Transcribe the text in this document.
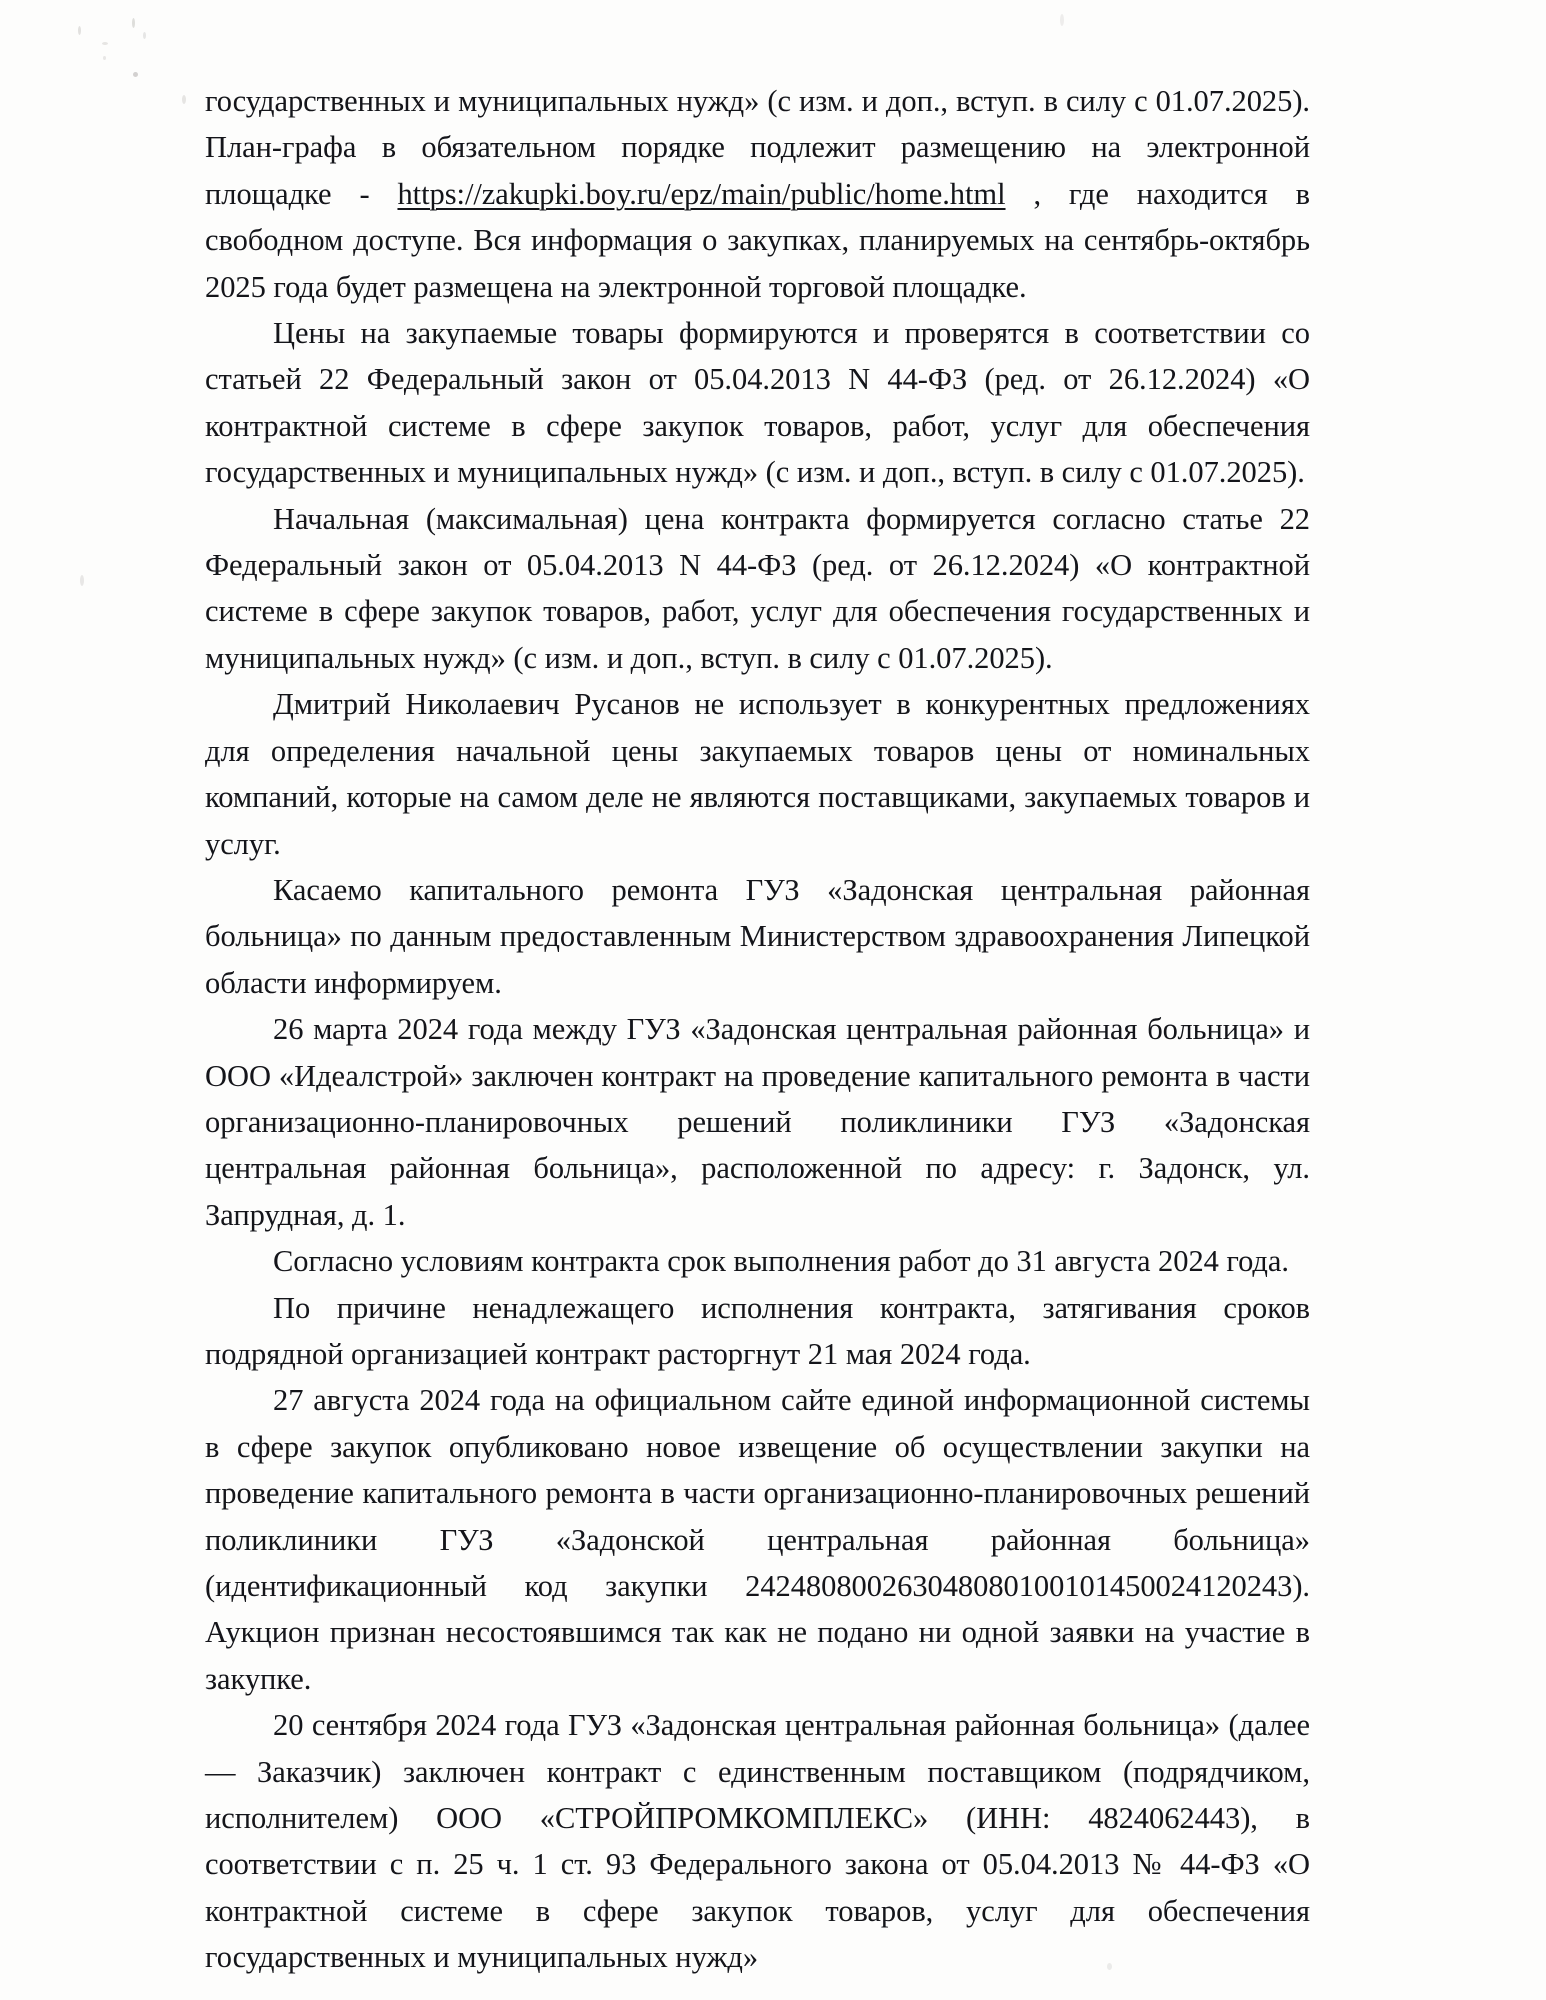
государственных и муниципальных нужд» (с изм. и доп., вступ. в силу с 01.07.2025). План-графа в обязательном порядке подлежит размещению на электронной площадке - https://zakupki.boy.ru/epz/main/public/home.html , где находится в свободном доступе. Вся информация о закупках, планируемых на сентябрь-октябрь 2025 года будет размещена на электронной торговой площадке.

Цены на закупаемые товары формируются и проверятся в соответствии со статьей 22 Федеральный закон от 05.04.2013 N 44-ФЗ (ред. от 26.12.2024) «О контрактной системе в сфере закупок товаров, работ, услуг для обеспечения государственных и муниципальных нужд» (с изм. и доп., вступ. в силу с 01.07.2025).

Начальная (максимальная) цена контракта формируется согласно статье 22 Федеральный закон от 05.04.2013 N 44-ФЗ (ред. от 26.12.2024) «О контрактной системе в сфере закупок товаров, работ, услуг для обеспечения государственных и муниципальных нужд» (с изм. и доп., вступ. в силу с 01.07.2025).

Дмитрий Николаевич Русанов не использует в конкурентных предложениях для определения начальной цены закупаемых товаров цены от номинальных компаний, которые на самом деле не являются поставщиками, закупаемых товаров и услуг.

Касаемо капитального ремонта ГУЗ «Задонская центральная районная больница» по данным предоставленным Министерством здравоохранения Липецкой области информируем.

26 марта 2024 года между ГУЗ «Задонская центральная районная больница» и ООО «Идеалстрой» заключен контракт на проведение капитального ремонта в части организационно-планировочных решений поликлиники ГУЗ «Задонская центральная районная больница», расположенной по адресу: г. Задонск, ул. Запрудная, д. 1.

Согласно условиям контракта срок выполнения работ до 31 августа 2024 года.

По причине ненадлежащего исполнения контракта, затягивания сроков подрядной организацией контракт расторгнут 21 мая 2024 года.

27 августа 2024 года на официальном сайте единой информационной системы в сфере закупок опубликовано новое извещение об осуществлении закупки на проведение капитального ремонта в части организационно-планировочных решений поликлиники ГУЗ «Задонской центральная районная больница» (идентификационный код закупки 242480800263048080100101450024120243). Аукцион признан несостоявшимся так как не подано ни одной заявки на участие в закупке.

20 сентября 2024 года ГУЗ «Задонская центральная районная больница» (далее — Заказчик) заключен контракт с единственным поставщиком (подрядчиком, исполнителем) ООО «СТРОЙПРОМКОМПЛЕКС» (ИНН: 4824062443), в соответствии с п. 25 ч. 1 ст. 93 Федерального закона от 05.04.2013 № 44-ФЗ «О контрактной системе в сфере закупок товаров, услуг для обеспечения государственных и муниципальных нужд»
